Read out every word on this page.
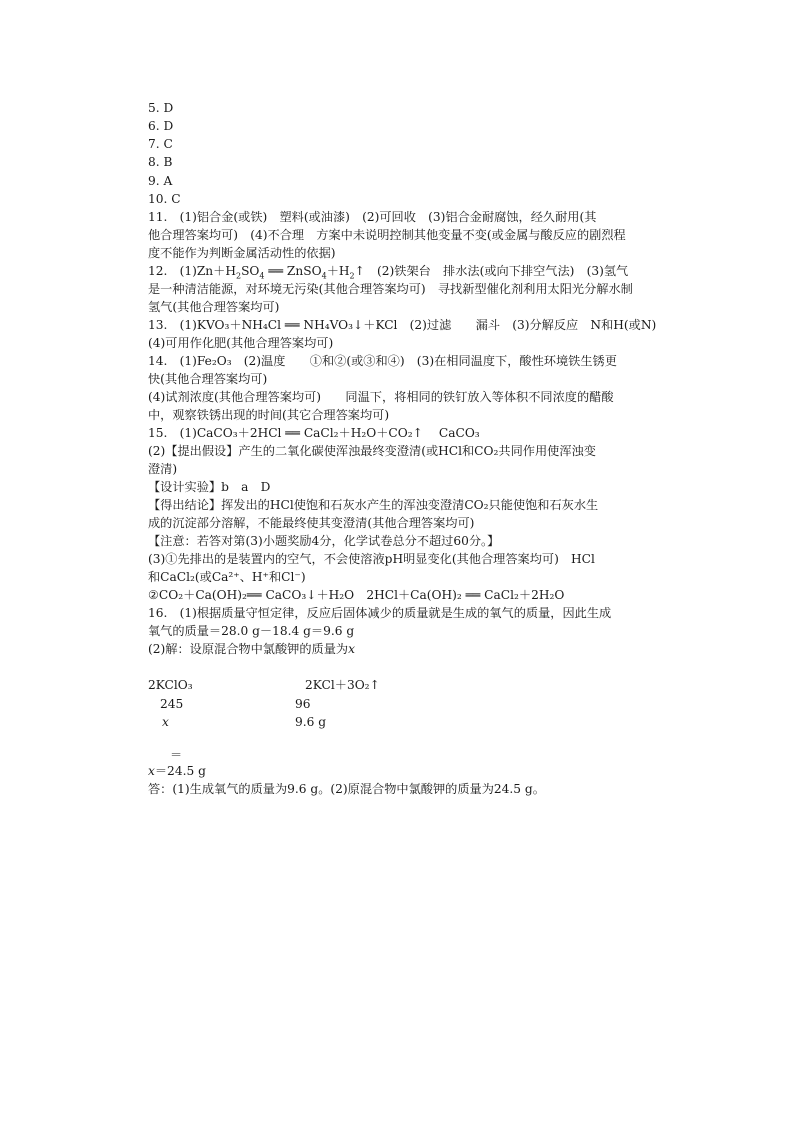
5. D
6. D
7. C
8. B
9. A
10. C
11.　(1)铝合金(或铁)　塑料(或油漆)　(2)可回收　(3)铝合金耐腐蚀，经久耐用(其
他合理答案均可)　(4)不合理　方案中未说明控制其他变量不变(或金属与酸反应的剧烈程
度不能作为判断金属活动性的依据)
12.　$(1)Zn+H_2SO_4$ ══ $ZnSO_4+H_2↑$　(2)铁架台　排水法(或向下排空气法)　(3)氢气
是一种清洁能源，对环境无污染(其他合理答案均可)　寻找新型催化剂利用太阳光分解水制
氢气(其他合理答案均可)
13.　(1)KVO₃＋NH₄Cl ══ NH₄VO₃↓＋KCl　(2)过滤　　漏斗　(3)分解反应　N和H(或N)
(4)可用作化肥(其他合理答案均可)
14.　(1)Fe₂O₃　(2)温度　　①和②(或③和④)　(3)在相同温度下，酸性环境铁生锈更
快(其他合理答案均可)
(4)试剂浓度(其他合理答案均可)　　同温下，将相同的铁钉放入等体积不同浓度的醋酸
中，观察铁锈出现的时间(其它合理答案均可)
15.　(1)CaCO₃＋2HCl ══ CaCl₂＋H₂O＋CO₂↑　 CaCO₃
(2)【提出假设】产生的二氧化碳使浑浊最终变澄清(或HCl和CO₂共同作用使浑浊变
澄清)
【设计实验】b　a　D
【得出结论】挥发出的HCl使饱和石灰水产生的浑浊变澄清CO₂只能使饱和石灰水生
成的沉淀部分溶解，不能最终使其变澄清(其他合理答案均可)
【注意：若答对第(3)小题奖励4分，化学试卷总分不超过60分。】
(3)①先排出的是装置内的空气，不会使溶液pH明显变化(其他合理答案均可)　HCl
和CaCl₂(或Ca²⁺、H⁺和Cl⁻)
②CO₂＋Ca(OH)₂══ CaCO₃↓＋H₂O　2HCl＋Ca(OH)₂ ══ CaCl₂＋2H₂O
16.　(1)根据质量守恒定律，反应后固体减少的质量就是生成的氧气的质量，因此生成
氧气的质量＝28.0 g－18.4 g＝9.6 g
(2)解：设原混合物中氯酸钾的质量为x
2KClO₃	2KCl＋3O₂↑
245	96
x	9.6 g
＝
x＝24.5 g
答：(1)生成氧气的质量为9.6 g。(2)原混合物中氯酸钾的质量为24.5 g。
